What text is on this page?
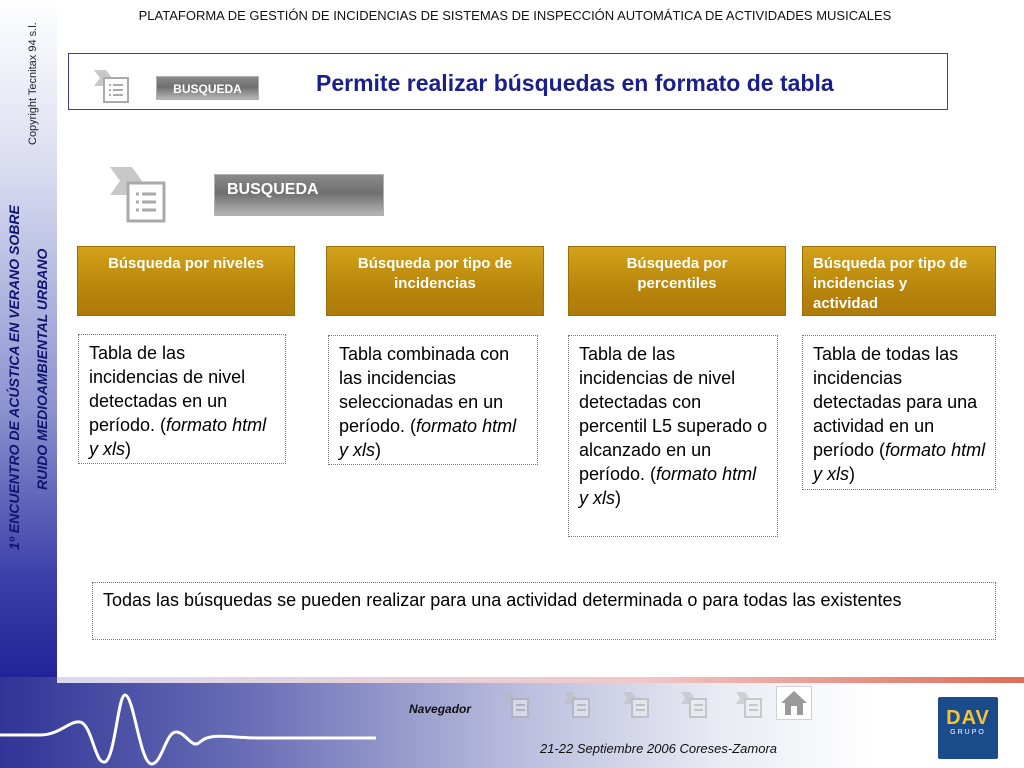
1º ENCUENTRO DE ACÚSTICA EN VERANO SOBRE RUIDO MEDIOAMBIENTAL URBANO
Copyright Tecnitax 94 s.l.
PLATAFORMA DE GESTIÓN DE INCIDENCIAS DE SISTEMAS DE INSPECCIÓN AUTOMÁTICA DE ACTIVIDADES MUSICALES
BUSQUEDA	Permite realizar búsquedas en formato de tabla
BUSQUEDA
Búsqueda por niveles	Búsqueda por tipo de incidencias
Búsqueda por percentiles
Búsqueda por tipo de incidencias y actividad
Tabla de las incidencias de nivel detectadas en un período. (formato html y xls)
Tabla combinada con las incidencias seleccionadas en un período. (formato html y xls)
Tabla de las incidencias de nivel detectadas con percentil L5 superado o alcanzado en un período. (formato html y xls)
Tabla de todas las incidencias detectadas para una actividad en un período (formato html y xls)
Todas las búsquedas se pueden realizar para una actividad determinada o para todas las existentes
Navegador
21-22 Septiembre 2006 Coreses-Zamora
DAV
GRUPO
